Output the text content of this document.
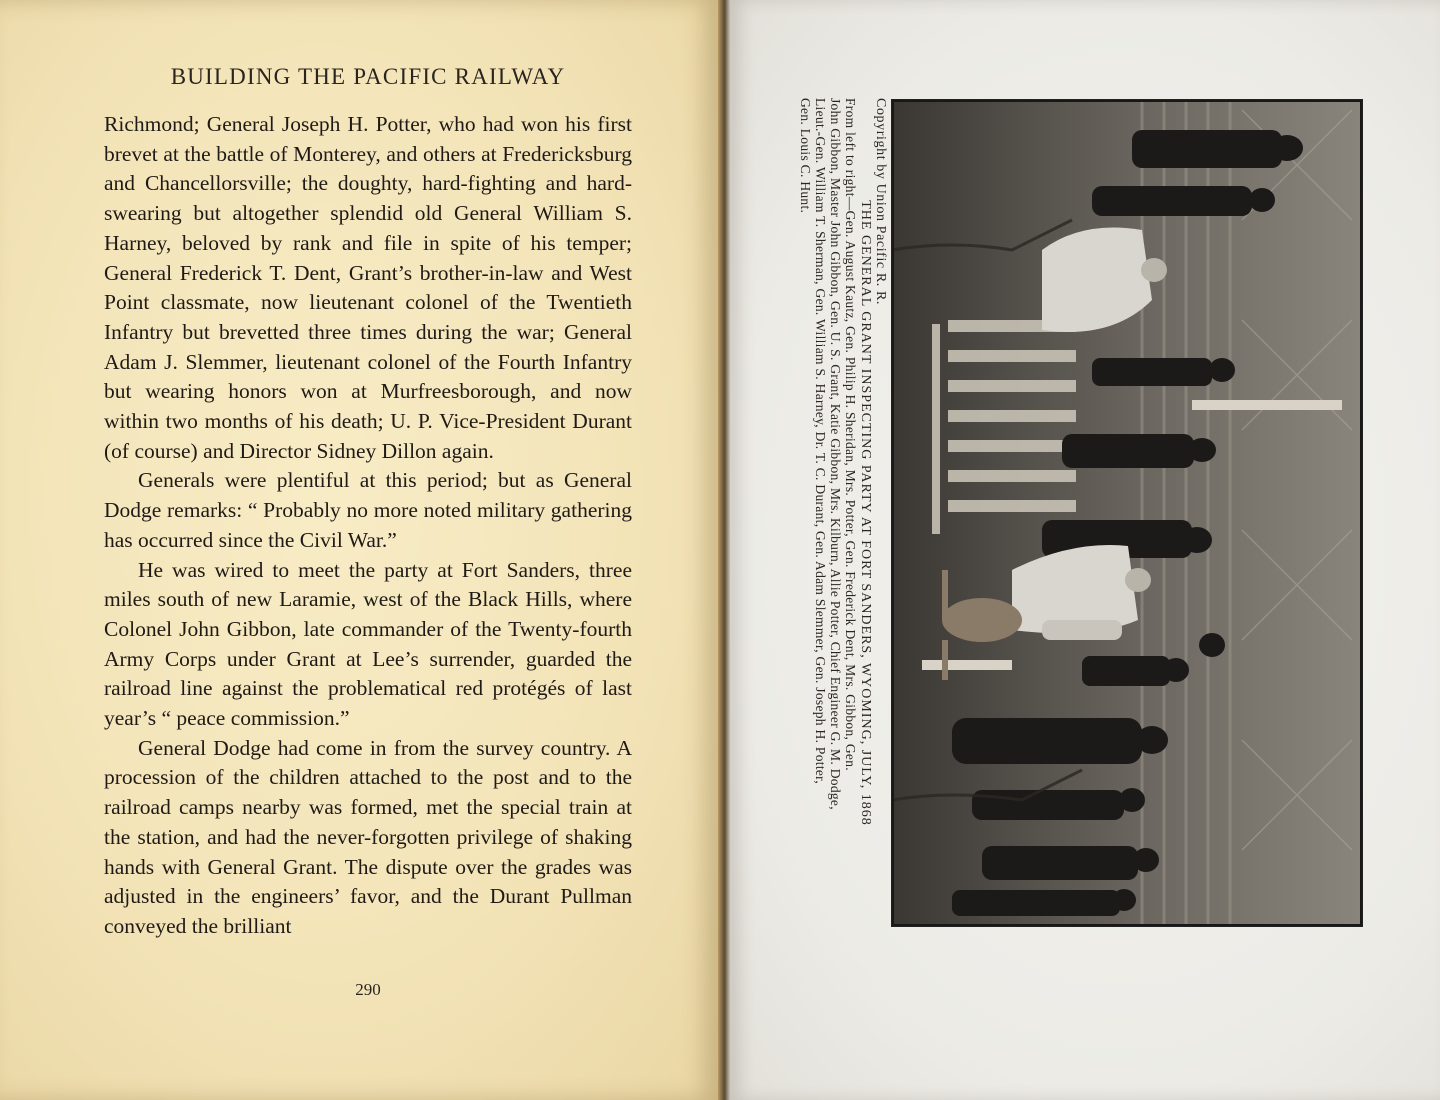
BUILDING THE PACIFIC RAILWAY

Richmond; General Joseph H. Potter, who had won his first brevet at the battle of Monterey, and others at Fredericksburg and Chancellorsville; the doughty, hard-fighting and hard-swearing but altogether splendid old General William S. Harney, beloved by rank and file in spite of his temper; General Frederick T. Dent, Grant’s brother-in-law and West Point classmate, now lieutenant colonel of the Twentieth Infantry but brevetted three times during the war; General Adam J. Slemmer, lieutenant colonel of the Fourth Infantry but wearing honors won at Murfreesborough, and now within two months of his death; U. P. Vice-President Durant (of course) and Director Sidney Dillon again.

Generals were plentiful at this period; but as General Dodge remarks: “ Probably no more noted military gathering has occurred since the Civil War.”

He was wired to meet the party at Fort Sanders, three miles south of new Laramie, west of the Black Hills, where Colonel John Gibbon, late commander of the Twenty-fourth Army Corps under Grant at Lee’s surrender, guarded the railroad line against the problematical red protégés of last year’s “ peace commission.”

General Dodge had come in from the survey country. A procession of the children attached to the post and to the railroad camps nearby was formed, met the special train at the station, and had the never-forgotten privilege of shaking hands with General Grant. The dispute over the grades was adjusted in the engineers’ favor, and the Durant Pullman conveyed the brilliant

290
Copyright by Union Pacific R. R.
THE GENERAL GRANT INSPECTING PARTY AT FORT SANDERS, WYOMING, JULY, 1868
From left to right—Gen. August Kautz, Gen. Philip H. Sheridan, Mrs. Potter, Gen. Frederick Dent, Mrs. Gibbon, Gen.
John Gibbon, Master John Gibbon, Gen. U. S. Grant, Katie Gibbon, Mrs. Kilburn, Allie Potter, Chief Engineer G. M. Dodge,
Lieut.-Gen. William T. Sherman, Gen. William S. Harney, Dr. T. C. Durant, Gen. Adam Slemmer, Gen. Joseph H. Potter,
Gen. Louis C. Hunt.
